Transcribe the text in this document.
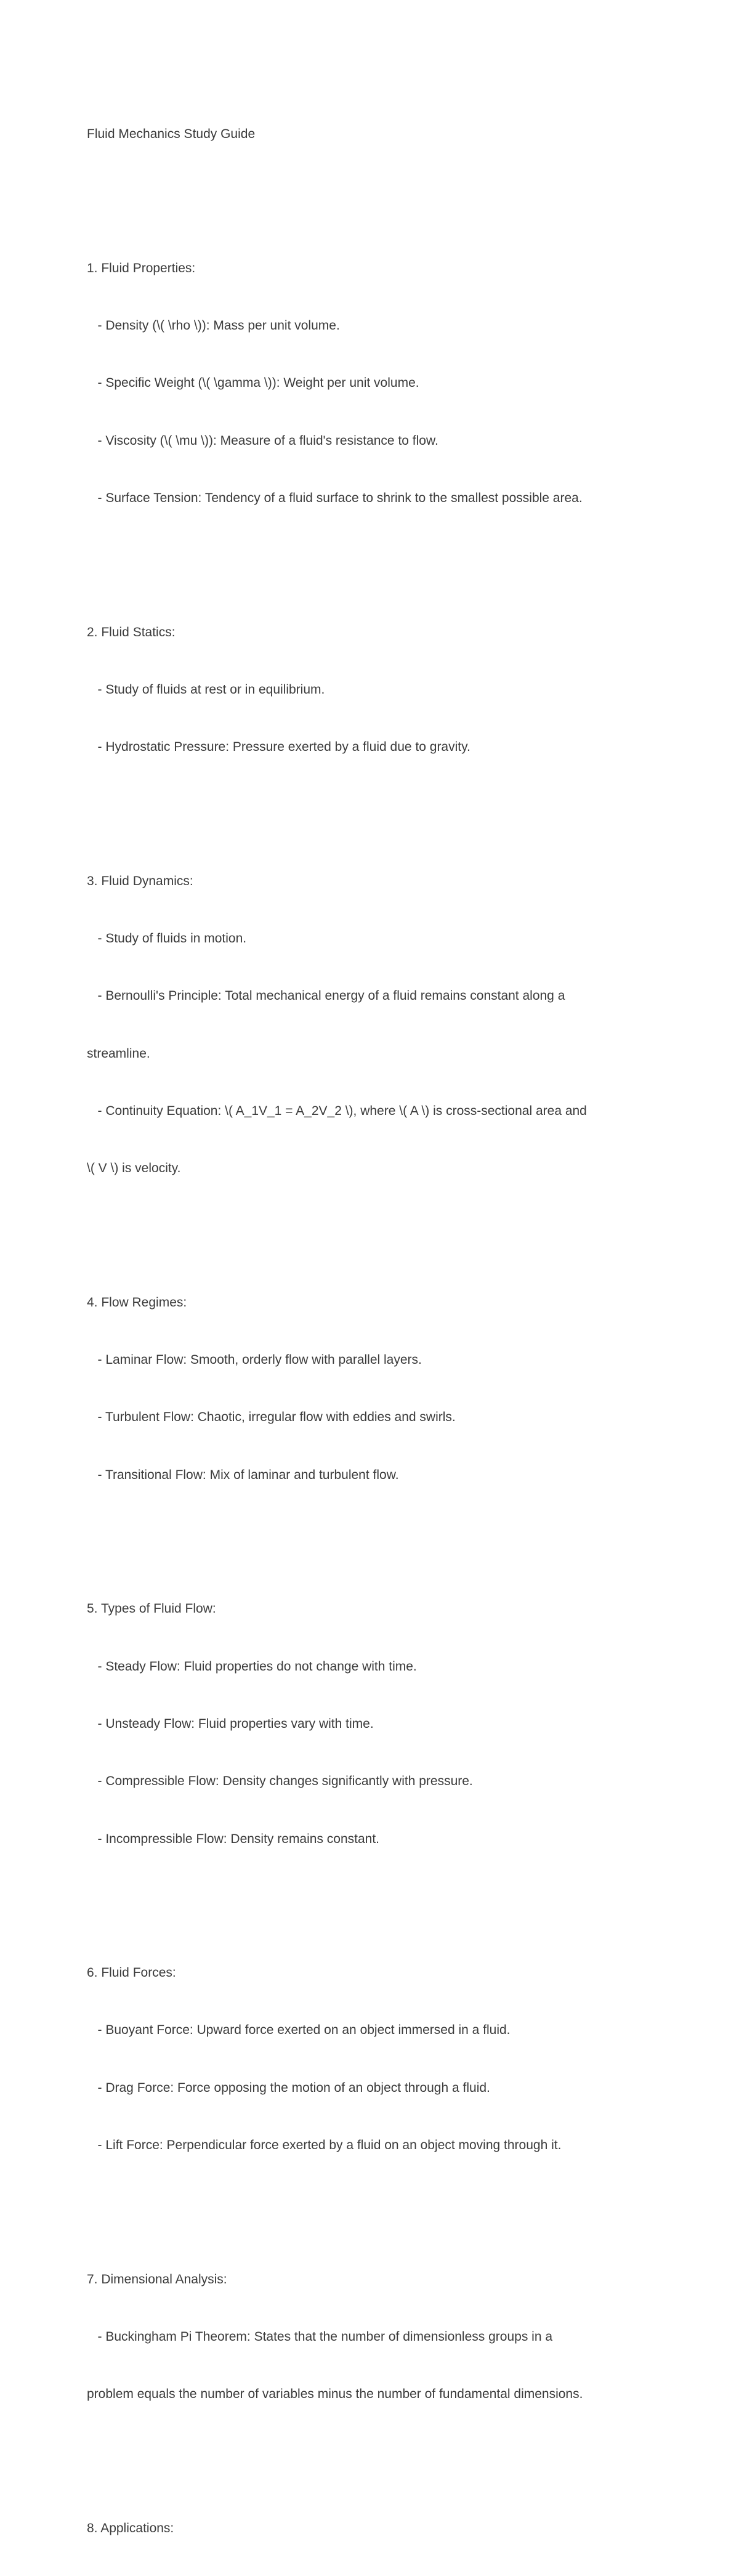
Fluid Mechanics Study Guide

1. Fluid Properties:

- Density (\( \rho \)): Mass per unit volume.

- Specific Weight (\( \gamma \)): Weight per unit volume.

- Viscosity (\( \mu \)): Measure of a fluid's resistance to flow.

- Surface Tension: Tendency of a fluid surface to shrink to the smallest possible area.

2. Fluid Statics:

- Study of fluids at rest or in equilibrium.

- Hydrostatic Pressure: Pressure exerted by a fluid due to gravity.

3. Fluid Dynamics:

- Study of fluids in motion.

- Bernoulli's Principle: Total mechanical energy of a fluid remains constant along a

streamline.

- Continuity Equation: \( A_1V_1 = A_2V_2 \), where \( A \) is cross-sectional area and

\( V \) is velocity.

4. Flow Regimes:

- Laminar Flow: Smooth, orderly flow with parallel layers.

- Turbulent Flow: Chaotic, irregular flow with eddies and swirls.

- Transitional Flow: Mix of laminar and turbulent flow.

5. Types of Fluid Flow:

- Steady Flow: Fluid properties do not change with time.

- Unsteady Flow: Fluid properties vary with time.

- Compressible Flow: Density changes significantly with pressure.

- Incompressible Flow: Density remains constant.

6. Fluid Forces:

- Buoyant Force: Upward force exerted on an object immersed in a fluid.

- Drag Force: Force opposing the motion of an object through a fluid.

- Lift Force: Perpendicular force exerted by a fluid on an object moving through it.

7. Dimensional Analysis:

- Buckingham Pi Theorem: States that the number of dimensionless groups in a

problem equals the number of variables minus the number of fundamental dimensions.

8. Applications:
